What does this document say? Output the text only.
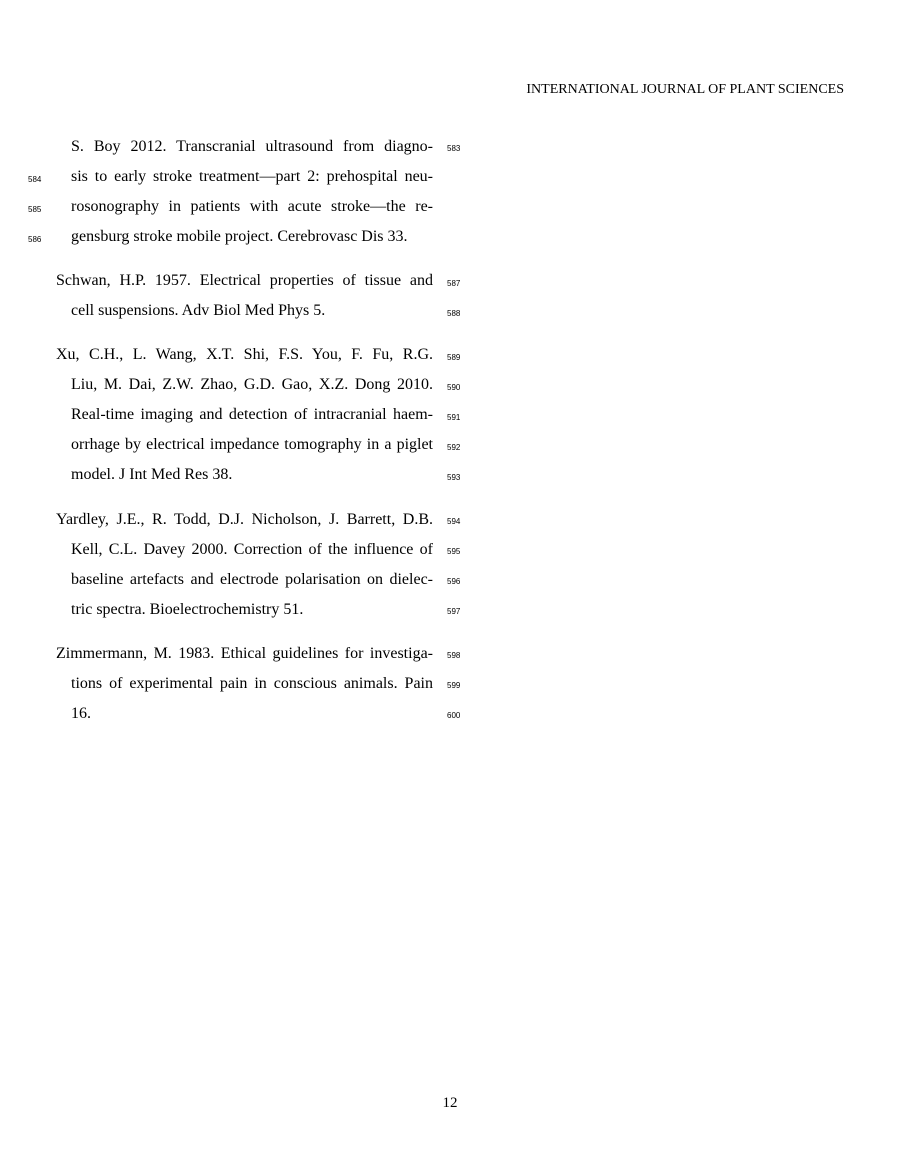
INTERNATIONAL JOURNAL OF PLANT SCIENCES
S. Boy 2012. Transcranial ultrasound from diagno-
sis to early stroke treatment—part 2: prehospital neu-
rosonography in patients with acute stroke—the re-
gensburg stroke mobile project. Cerebrovasc Dis 33.
Schwan, H.P. 1957. Electrical properties of tissue and
cell suspensions. Adv Biol Med Phys 5.
Xu, C.H., L. Wang, X.T. Shi, F.S. You, F. Fu, R.G.
Liu, M. Dai, Z.W. Zhao, G.D. Gao, X.Z. Dong 2010.
Real-time imaging and detection of intracranial haem-
orrhage by electrical impedance tomography in a piglet
model. J Int Med Res 38.
Yardley, J.E., R. Todd, D.J. Nicholson, J. Barrett, D.B.
Kell, C.L. Davey 2000. Correction of the influence of
baseline artefacts and electrode polarisation on dielec-
tric spectra. Bioelectrochemistry 51.
Zimmermann, M. 1983. Ethical guidelines for investiga-
tions of experimental pain in conscious animals. Pain
16.
583
584
585
586
587
588
589
590
591
592
593
594
595
596
597
598
599
600
12
